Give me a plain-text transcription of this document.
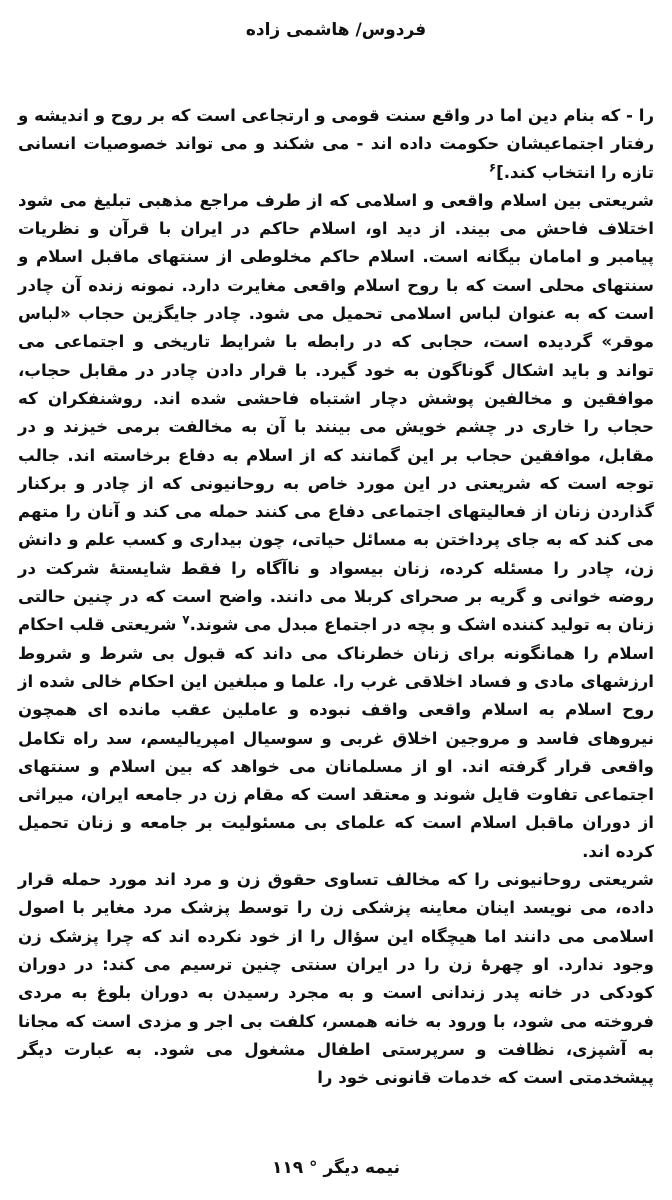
فردوس/ هاشمی زاده

را - که بنام دین اما در واقع سنت قومی و ارتجاعی است که بر روح و اندیشه و رفتار اجتماعیشان حکومت داده اند - می شکند و می تواند خصوصیات انسانی تازه را انتخاب کند.]$^۶$

شریعتی بین اسلام واقعی و اسلامی که از طرف مراجع مذهبی تبلیغ می شود اختلاف فاحش می بیند. از دید او، اسلام حاکم در ایران با قرآن و نظریات پیامبر و امامان بیگانه است. اسلام حاکم مخلوطی از سنتهای ماقبل اسلام و سنتهای محلی است که با روح اسلام واقعی مغایرت دارد. نمونه زنده آن چادر است که به عنوان لباس اسلامی تحمیل می شود. چادر جایگزین حجاب «لباس موقر» گردیده است، حجابی که در رابطه با شرایط تاریخی و اجتماعی می تواند و باید اشکال گوناگون به خود گیرد. با قرار دادن چادر در مقابل حجاب، موافقین و مخالفین پوشش دچار اشتباه فاحشی شده اند. روشنفکران که حجاب را خاری در چشم خویش می بینند با آن به مخالفت برمی خیزند و در مقابل، موافقین حجاب بر این گمانند که از اسلام به دفاع برخاسته اند. جالب توجه است که شریعتی در این مورد خاص به روحانیونی که از چادر و برکنار گذاردن زنان از فعالیتهای اجتماعی دفاع می کنند حمله می کند و آنان را متهم می کند که به جای پرداختن به مسائل حیاتی، چون بیداری و کسب علم و دانش زن، چادر را مسئله کرده، زنان بیسواد و ناآگاه را فقط شایستهٔ شرکت در روضه خوانی و گریه بر صحرای کربلا می دانند. واضح است که در چنین حالتی زنان به تولید کننده اشک و بچه در اجتماع مبدل می شوند.$^۷$ شریعتی قلب احکام اسلام را همانگونه برای زنان خطرناک می داند که قبول بی شرط و شروط ارزشهای مادی و فساد اخلاقی غرب را. علما و مبلغین این احکام خالی شده از روح اسلام به اسلام واقعی واقف نبوده و عاملین عقب مانده ای همچون نیروهای فاسد و مروجین اخلاق غربی و سوسیال امپریالیسم، سد راه تکامل واقعی قرار گرفته اند. او از مسلمانان می خواهد که بین اسلام و سنتهای اجتماعی تفاوت قایل شوند و معتقد است که مقام زن در جامعه ایران، میراثی از دوران ماقبل اسلام است که علمای بی مسئولیت بر جامعه و زنان تحمیل کرده اند.

شریعتی روحانیونی را که مخالف تساوی حقوق زن و مرد اند مورد حمله قرار داده، می نویسد اینان معاینه پزشکی زن را توسط پزشک مرد مغایر با اصول اسلامی می دانند اما هیچگاه این سؤال را از خود نکرده اند که چرا پزشک زن وجود ندارد. او چهرهٔ زن را در ایران سنتی چنین ترسیم می کند: در دوران کودکی در خانه پدر زندانی است و به مجرد رسیدن به دوران بلوغ به مردی فروخته می شود، با ورود به خانه همسر، کلفت بی اجر و مزدی است که مجانا به آشپزی، نظافت و سرپرستی اطفال مشغول می شود. به عبارت دیگر پیشخدمتی است که خدمات قانونی خود را

نیمه دیگر ° ۱۱۹
